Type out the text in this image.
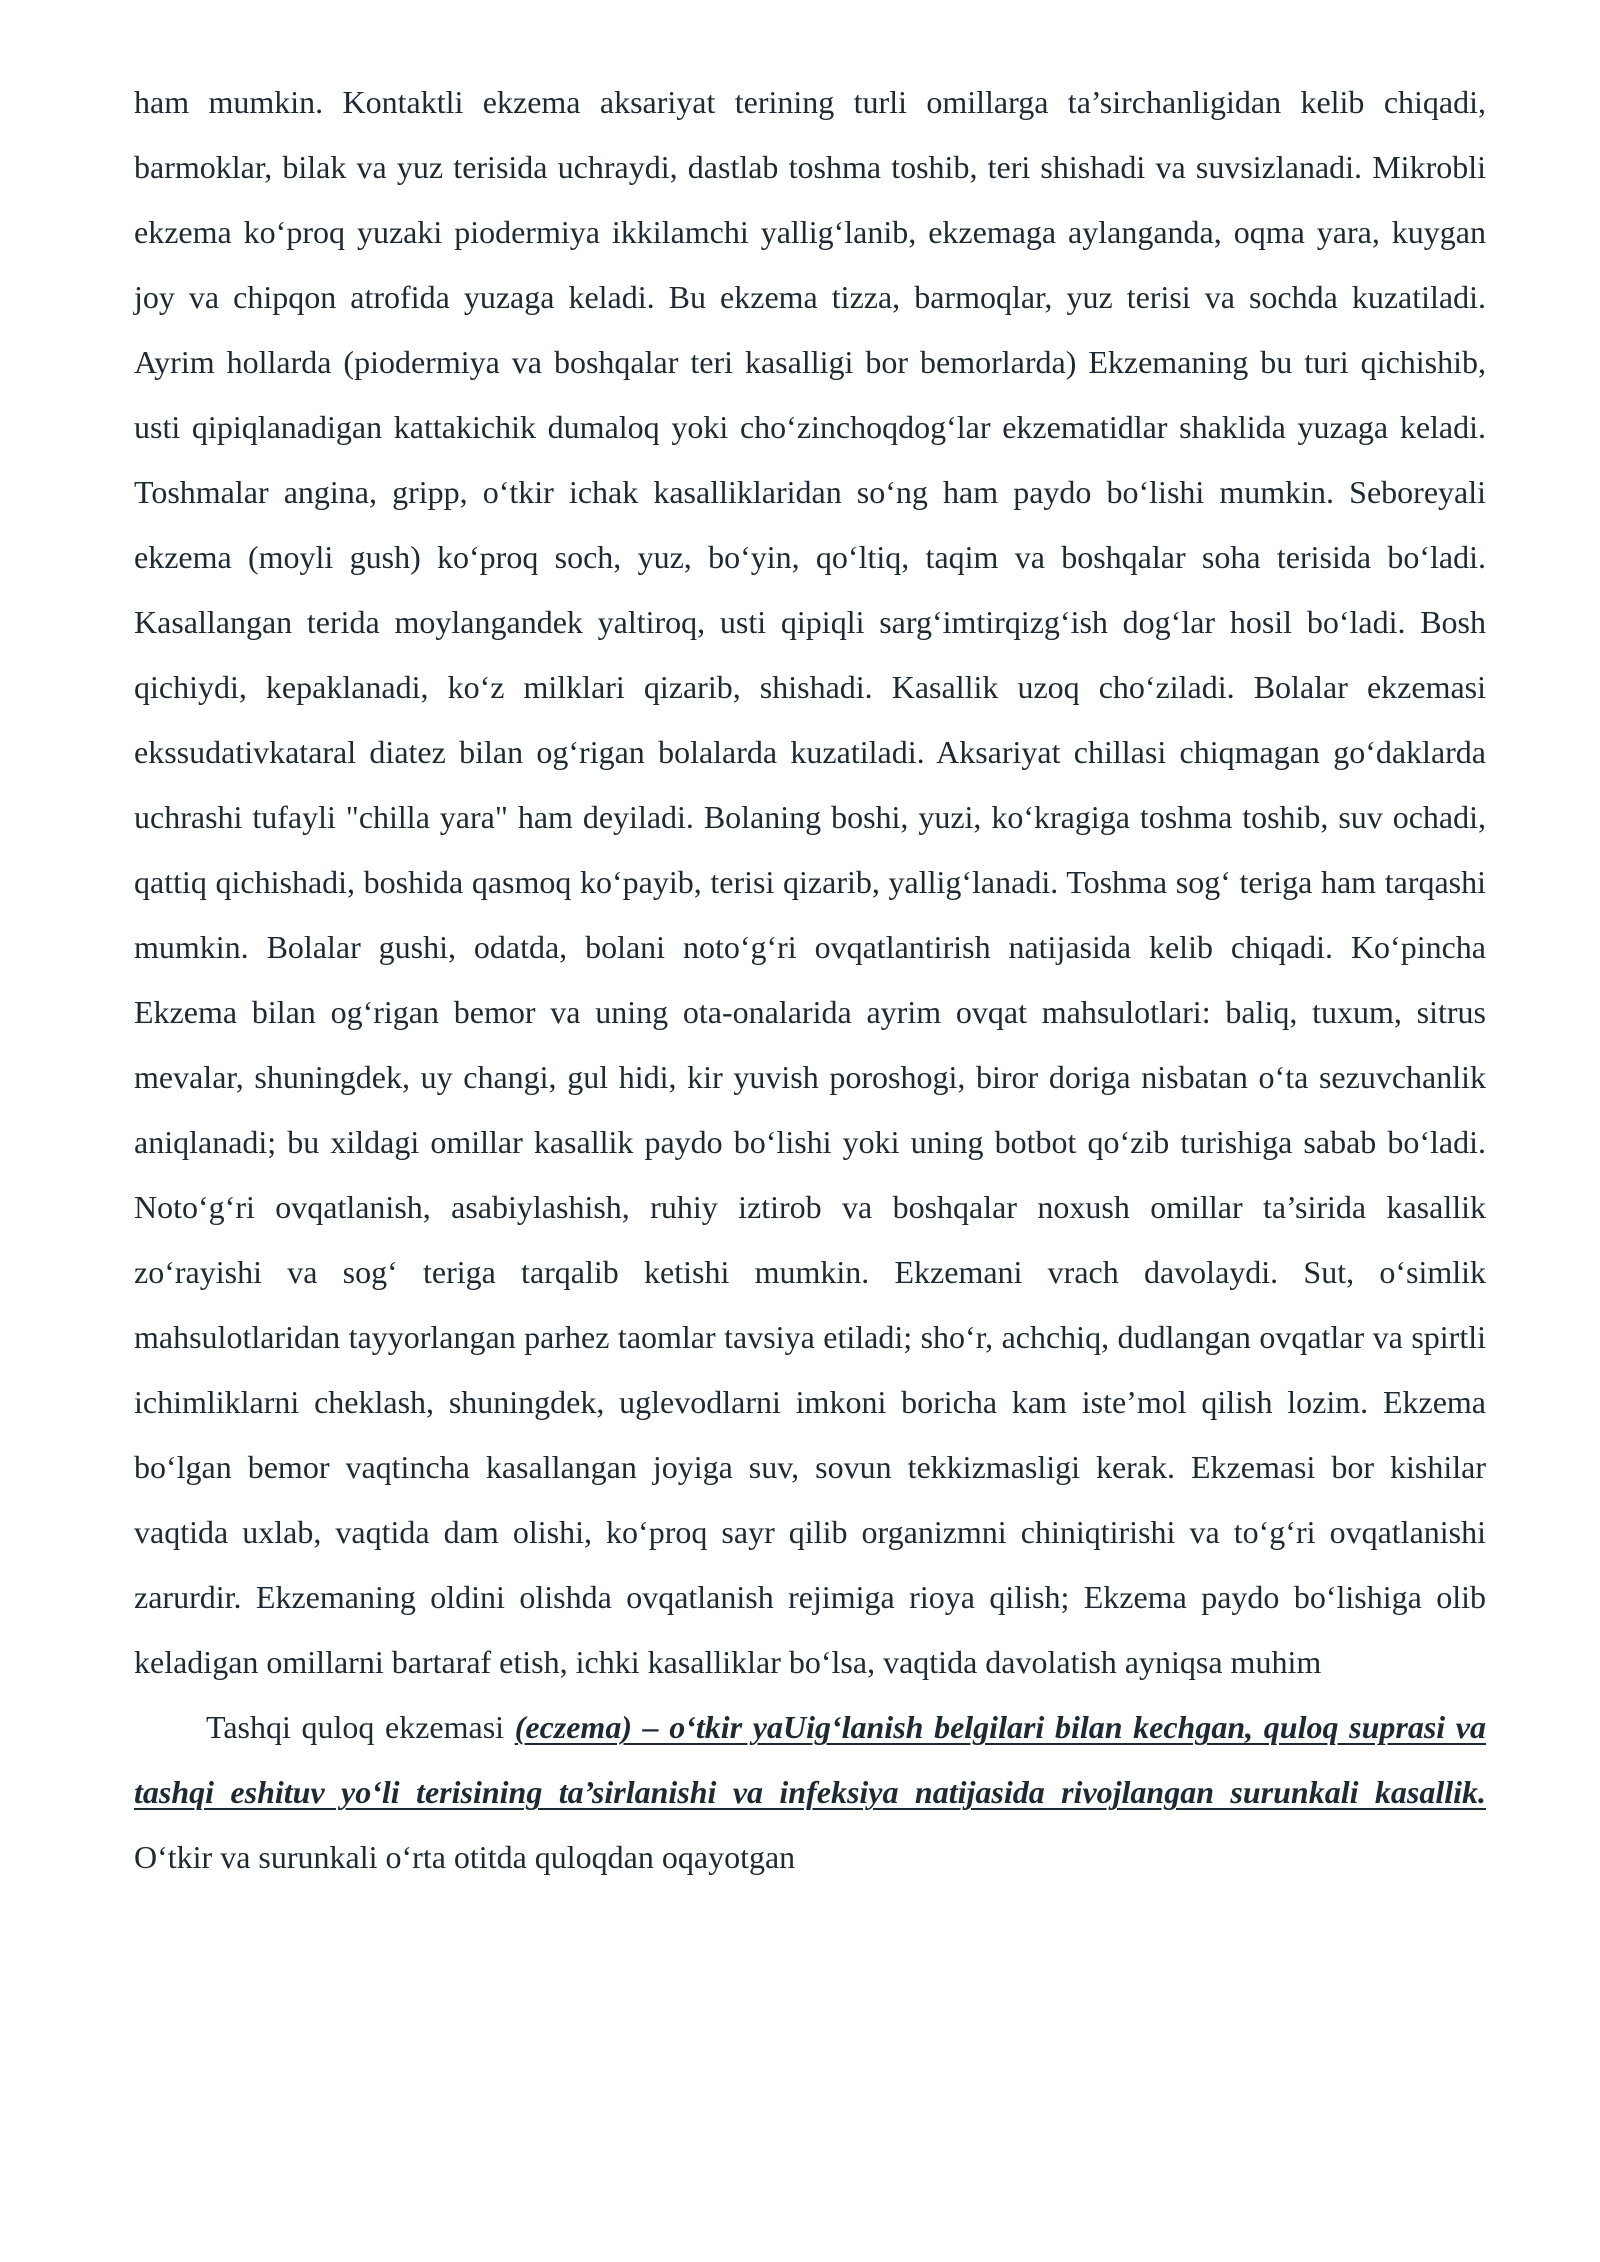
ham mumkin. Kontaktli ekzema aksariyat terining turli omillarga ta’sirchanligidan kelib chiqadi, barmoklar, bilak va yuz terisida uchraydi, dastlab toshma toshib, teri shishadi va suvsizlanadi. Mikrobli ekzema ko‘proq yuzaki piodermiya ikkilamchi yallig‘lanib, ekzemaga aylanganda, oqma yara, kuygan joy va chipqon atrofida yuzaga keladi. Bu ekzema tizza, barmoqlar, yuz terisi va sochda kuzatiladi. Ayrim hollarda (piodermiya va boshqalar teri kasalligi bor bemorlarda) Ekzemaning bu turi qichishib, usti qipiqlanadigan kattakichik dumaloq yoki cho‘zinchoqdog‘lar ekzematidlar shaklida yuzaga keladi. Toshmalar angina, gripp, o‘tkir ichak kasalliklaridan so‘ng ham paydo bo‘lishi mumkin. Seboreyali ekzema (moyli gush) ko‘proq soch, yuz, bo‘yin, qo‘ltiq, taqim va boshqalar soha terisida bo‘ladi. Kasallangan terida moylangandek yaltiroq, usti qipiqli sarg‘imtirqizg‘ish dog‘lar hosil bo‘ladi. Bosh qichiydi, kepaklanadi, ko‘z milklari qizarib, shishadi. Kasallik uzoq cho‘ziladi. Bolalar ekzemasi ekssudativkataral diatez bilan og‘rigan bolalarda kuzatiladi. Aksariyat chillasi chiqmagan go‘daklarda uchrashi tufayli "chilla yara" ham deyiladi. Bolaning boshi, yuzi, ko‘kragiga toshma toshib, suv ochadi, qattiq qichishadi, boshida qasmoq ko‘payib, terisi qizarib, yallig‘lanadi. Toshma sog‘ teriga ham tarqashi mumkin. Bolalar gushi, odatda, bolani noto‘g‘ri ovqatlantirish natijasida kelib chiqadi. Ko‘pincha Ekzema bilan og‘rigan bemor va uning ota-onalarida ayrim ovqat mahsulotlari: baliq, tuxum, sitrus mevalar, shuningdek, uy changi, gul hidi, kir yuvish poroshogi, biror doriga nisbatan o‘ta sezuvchanlik aniqlanadi; bu xildagi omillar kasallik paydo bo‘lishi yoki uning botbot qo‘zib turishiga sabab bo‘ladi. Noto‘g‘ri ovqatlanish, asabiylashish, ruhiy iztirob va boshqalar noxush omillar ta’sirida kasallik zo‘rayishi va sog‘ teriga tarqalib ketishi mumkin. Ekzemani vrach davolaydi. Sut, o‘simlik mahsulotlaridan tayyorlangan parhez taomlar tavsiya etiladi; sho‘r, achchiq, dudlangan ovqatlar va spirtli ichimliklarni cheklash, shuningdek, uglevodlarni imkoni boricha kam iste’mol qilish lozim. Ekzema bo‘lgan bemor vaqtincha kasallangan joyiga suv, sovun tekkizmasligi kerak. Ekzemasi bor kishilar vaqtida uxlab, vaqtida dam olishi, ko‘proq sayr qilib organizmni chiniqtirishi va to‘g‘ri ovqatlanishi zarurdir. Ekzemaning oldini olishda ovqatlanish rejimiga rioya qilish; Ekzema paydo bo‘lishiga olib keladigan omillarni bartaraf etish, ichki kasalliklar bo‘lsa, vaqtida davolatish ayniqsa muhim

Tashqi quloq ekzemasi (eczema) – o‘tkir yaUig‘lanish belgilari bilan kechgan, quloq suprasi va tashqi eshituv yo‘li terisining ta’sirlanishi va infeksiya natijasida rivojlangan surunkali kasallik. O‘tkir va surunkali o‘rta otitda quloqdan oqayotgan
